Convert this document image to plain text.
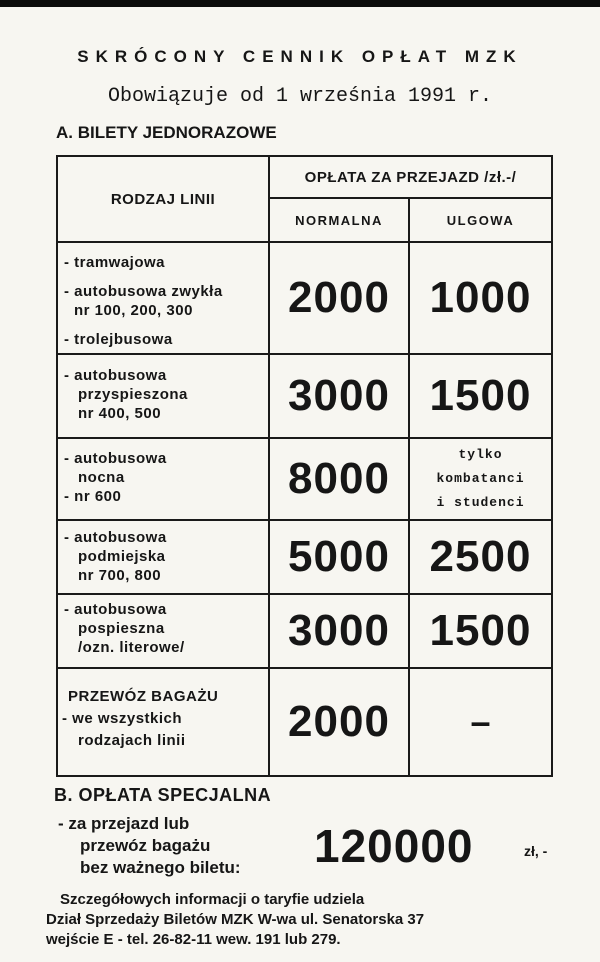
SKRÓCONY CENNIK OPŁAT MZK
Obowiązuje od 1 września 1991 r.
A. BILETY JEDNORAZOWE
RODZAJ LINII
OPŁATA ZA PRZEJAZD /zł.-/
NORMALNA	ULGOWA
- tramwajowa
- autobusowa zwykła
nr 100, 200, 300
- trolejbusowa
2000 1000
- autobusowa
przyspieszona
nr 400, 500	3000 1500
- autobusowa
nocna
- nr 600	8000	tylko
kombatanci
i studenci
- autobusowa
podmiejska
nr 700, 800	5000 2500
- autobusowa
pospieszna
/ozn. literowe/	3000 1500
PRZEWÓZ BAGAŻU
- we wszystkich
rodzajach linii	2000	–
B. OPŁATA SPECJALNA
- za przejazd lub
przewóz bagażu
bez ważnego biletu: 120000	zł, -
Szczegółowych informacji o taryfie udziela
Dział Sprzedaży Biletów MZK W-wa ul. Senatorska 37
wejście E - tel. 26-82-11 wew. 191 lub 279.
